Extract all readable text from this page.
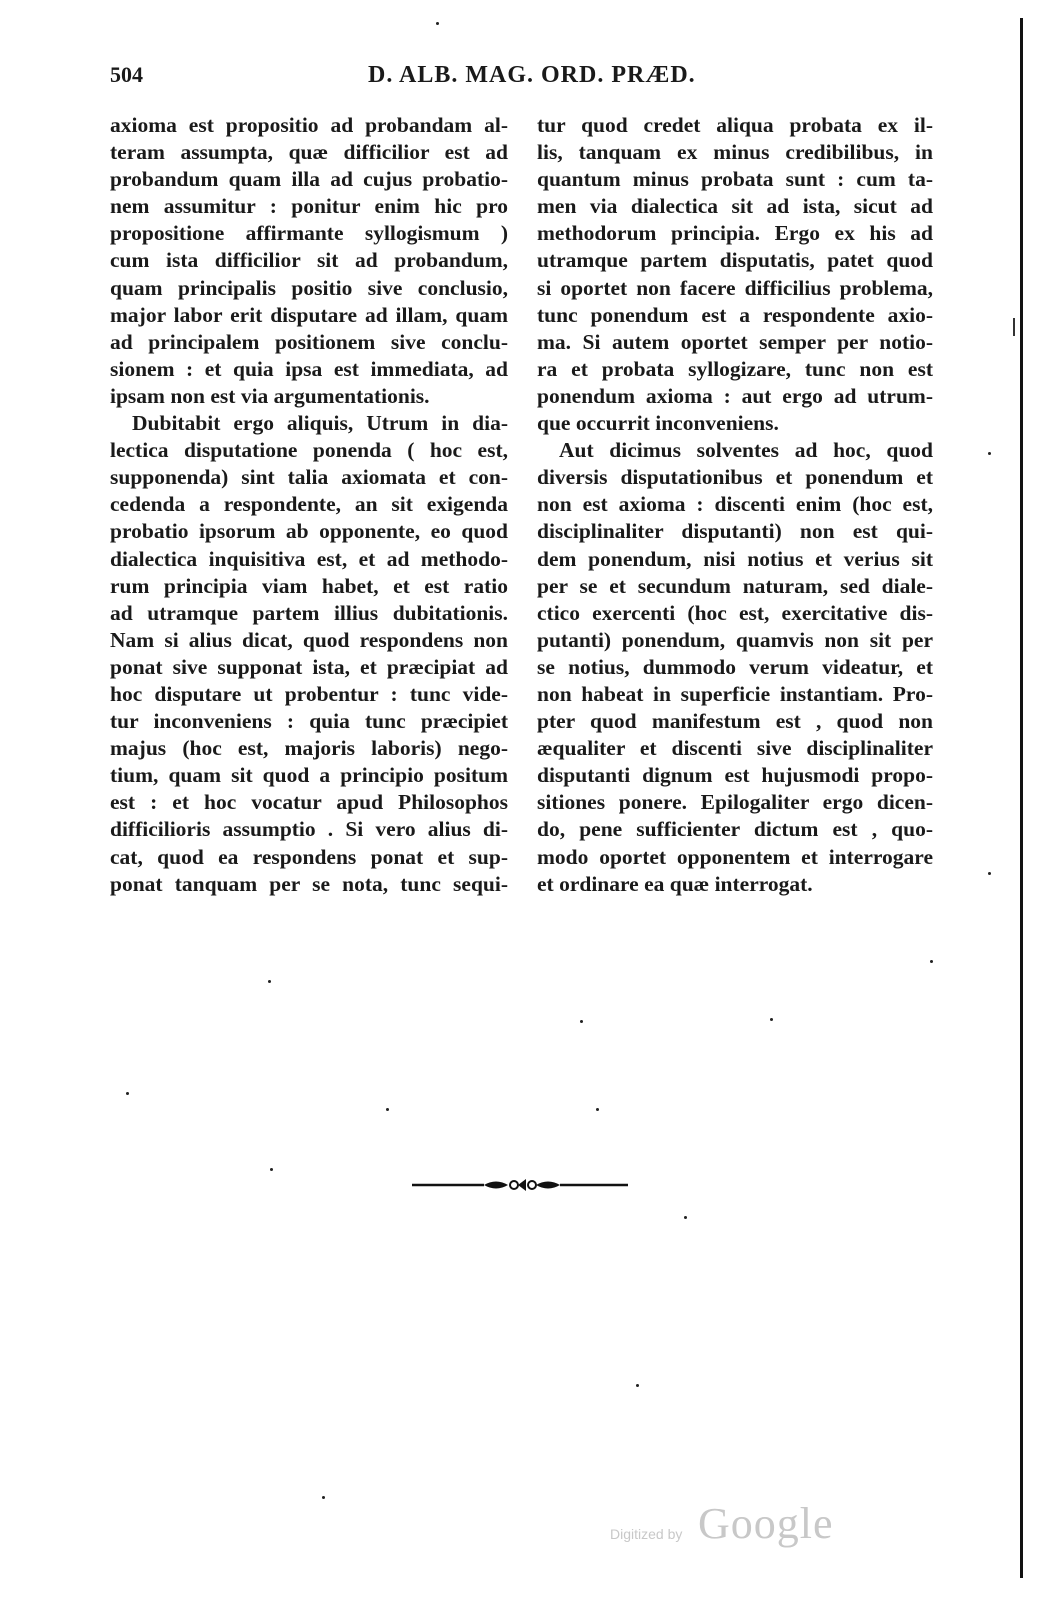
504	D. ALB. MAG. ORD. PRÆD.
axioma est propositio ad probandam al-
teram assumpta, quæ difficilior est ad
probandum quam illa ad cujus probatio-
nem assumitur : ponitur enim hic pro
propositione affirmante syllogismum )
cum ista difficilior sit ad probandum,
quam principalis positio sive conclusio,
major labor erit disputare ad illam, quam
ad principalem positionem sive conclu-
sionem : et quia ipsa est immediata, ad
ipsam non est via argumentationis.
Dubitabit ergo aliquis, Utrum in dia-
lectica disputatione ponenda ( hoc est,
supponenda) sint talia axiomata et con-
cedenda a respondente, an sit exigenda
probatio ipsorum ab opponente, eo quod
dialectica inquisitiva est, et ad methodo-
rum principia viam habet, et est ratio
ad utramque partem illius dubitationis.
Nam si alius dicat, quod respondens non
ponat sive supponat ista, et præcipiat ad
hoc disputare ut probentur : tunc vide-
tur inconveniens : quia tunc præcipiet
majus (hoc est, majoris laboris) nego-
tium, quam sit quod a principio positum
est : et hoc vocatur apud Philosophos
difficilioris assumptio . Si vero alius di-
cat, quod ea respondens ponat et sup-
ponat tanquam per se nota, tunc sequi-
tur quod credet aliqua probata ex il-
lis, tanquam ex minus credibilibus, in
quantum minus probata sunt : cum ta-
men via dialectica sit ad ista, sicut ad
methodorum principia. Ergo ex his ad
utramque partem disputatis, patet quod
si oportet non facere difficilius problema,
tunc ponendum est a respondente axio-
ma. Si autem oportet semper per notio-
ra et probata syllogizare, tunc non est
ponendum axioma : aut ergo ad utrum-
que occurrit inconveniens.
Aut dicimus solventes ad hoc, quod
diversis disputationibus et ponendum et
non est axioma : discenti enim (hoc est,
disciplinaliter disputanti) non est qui-
dem ponendum, nisi notius et verius sit
per se et secundum naturam, sed diale-
ctico exercenti (hoc est, exercitative dis-
putanti) ponendum, quamvis non sit per
se notius, dummodo verum videatur, et
non habeat in superficie instantiam. Pro-
pter quod manifestum est , quod non
æqualiter et discenti sive disciplinaliter
disputanti dignum est hujusmodi propo-
sitiones ponere. Epilogaliter ergo dicen-
do, pene sufficienter dictum est , quo-
modo oportet opponentem et interrogare
et ordinare ea quæ interrogat.
Digitized by Google
